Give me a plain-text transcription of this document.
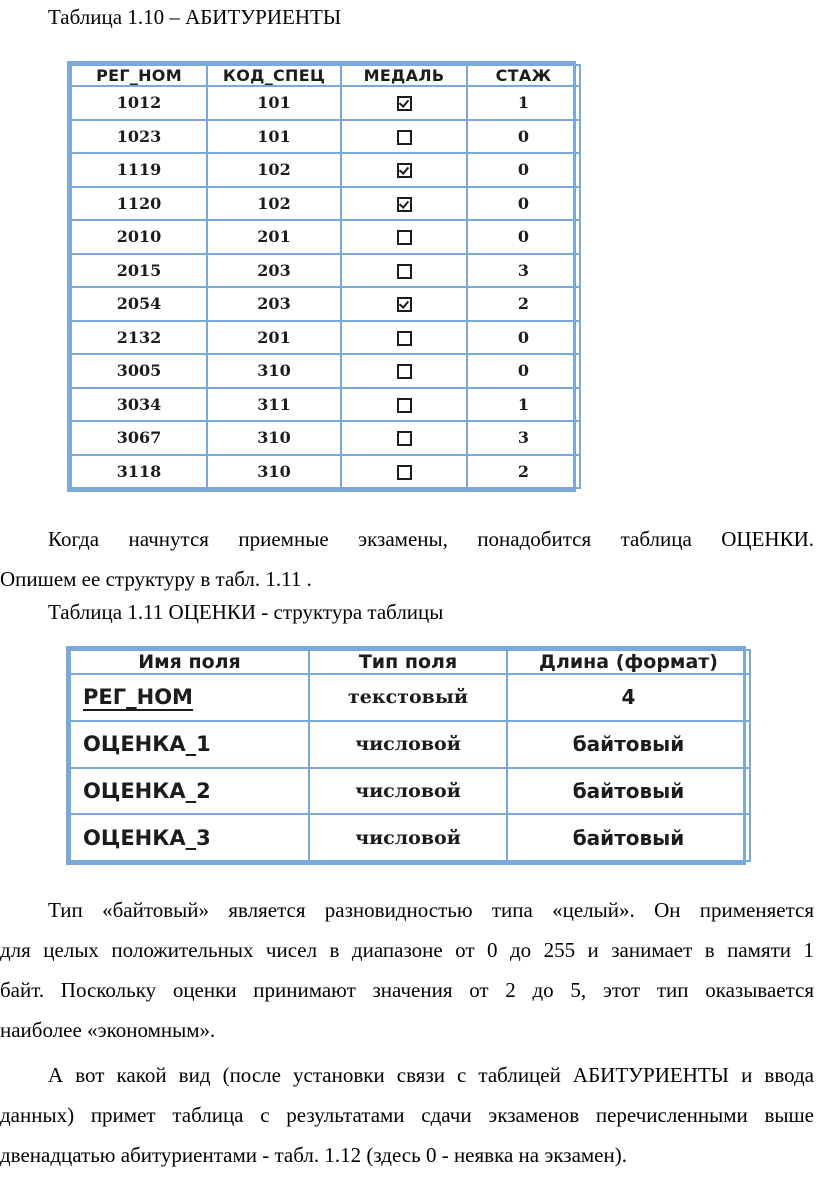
Таблица 1.10 – АБИТУРИЕНТЫ
РЕГ_НОМ	КОД_СПЕЦ	МЕДАЛЬ	СТАЖ
1012	101		1
1023	101		0
1119	102		0
1120	102		0
2010	201		0
2015	203		3
2054	203		2
2132	201		0
3005	310		0
3034	311		1
3067	310		3
3118	310		2
Когда начнутся приемные экзамены, понадобится таблица ОЦЕНКИ.
Опишем ее структуру в табл. 1.11 .
Таблица 1.11 ОЦЕНКИ - структура таблицы
Имя поля	Тип поля	Длина (формат)
РЕГ_НОМ	текстовый	4
ОЦЕНКА_1	числовой	байтовый
ОЦЕНКА_2	числовой	байтовый
ОЦЕНКА_3	числовой	байтовый
Тип «байтовый» является разновидностью типа «целый». Он применяется
для целых положительных чисел в диапазоне от 0 до 255 и занимает в памяти 1
байт. Поскольку оценки принимают значения от 2 до 5, этот тип оказывается
наиболее «экономным».
А вот какой вид (после установки связи с таблицей АБИТУРИЕНТЫ и ввода
данных) примет таблица с результатами сдачи экзаменов перечисленными выше
двенадцатью абитуриентами - табл. 1.12 (здесь 0 - неявка на экзамен).
